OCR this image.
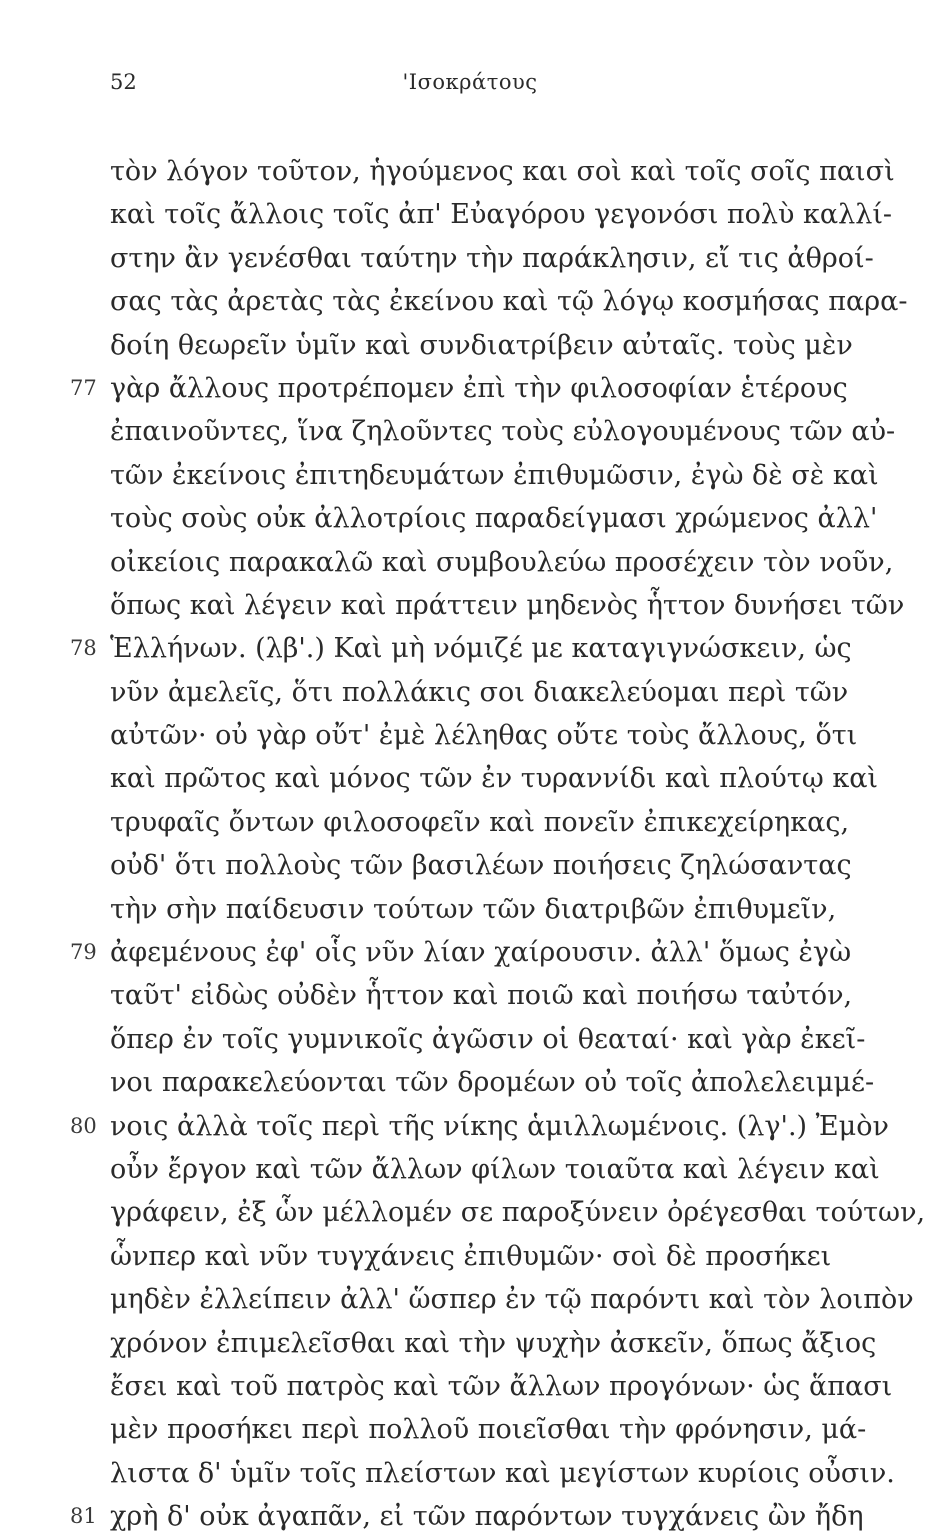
52	'Ισοκράτους
τὸν λόγον τοῦτον, ἡγούμενος και σοὶ καὶ τοῖς σοῖς παισὶ
καὶ τοῖς ἄλλοις τοῖς ἀπ' Εὐαγόρου γεγονόσι πολὺ καλλί-
στην ἂν γενέσθαι ταύτην τὴν παράκλησιν, εἴ τις ἀθροί-
σας τὰς ἀρετὰς τὰς ἐκείνου καὶ τῷ λόγῳ κοσμήσας παρα-
δοίη θεωρεῖν ὑμῖν καὶ συνδιατρίβειν αὐταῖς. τοὺς μὲν
77 γὰρ ἄλλους προτρέπομεν ἐπὶ τὴν φιλοσοφίαν ἑτέρους
ἐπαινοῦντες, ἵνα ζηλοῦντες τοὺς εὐλογουμένους τῶν αὐ-
τῶν ἐκείνοις ἐπιτηδευμάτων ἐπιθυμῶσιν, ἐγὼ δὲ σὲ καὶ
τοὺς σοὺς οὐκ ἀλλοτρίοις παραδείγμασι χρώμενος ἀλλ'
οἰκείοις παρακαλῶ καὶ συμβουλεύω προσέχειν τὸν νοῦν,
ὅπως καὶ λέγειν καὶ πράττειν μηδενὸς ἧττον δυνήσει τῶν
78 Ἑλλήνων. (λβ'.) Καὶ μὴ νόμιζέ με καταγιγνώσκειν, ὡς
νῦν ἀμελεῖς, ὅτι πολλάκις σοι διακελεύομαι περὶ τῶν
αὐτῶν· οὐ γὰρ οὔτ' ἐμὲ λέληθας οὔτε τοὺς ἄλλους, ὅτι
καὶ πρῶτος καὶ μόνος τῶν ἐν τυραννίδι καὶ πλούτῳ καὶ
τρυφαῖς ὄντων φιλοσοφεῖν καὶ πονεῖν ἐπικεχείρηκας,
οὐδ' ὅτι πολλοὺς τῶν βασιλέων ποιήσεις ζηλώσαντας
τὴν σὴν παίδευσιν τούτων τῶν διατριβῶν ἐπιθυμεῖν,
79 ἀφεμένους ἐφ' οἷς νῦν λίαν χαίρουσιν. ἀλλ' ὅμως ἐγὼ
ταῦτ' εἰδὼς οὐδὲν ἧττον καὶ ποιῶ καὶ ποιήσω ταὐτόν,
ὅπερ ἐν τοῖς γυμνικοῖς ἀγῶσιν οἱ θεαταί· καὶ γὰρ ἐκεῖ-
νοι παρακελεύονται τῶν δρομέων οὐ τοῖς ἀπολελειμμέ-
80 νοις ἀλλὰ τοῖς περὶ τῆς νίκης ἁμιλλωμένοις. (λγ'.) Ἐμὸν
οὖν ἔργον καὶ τῶν ἄλλων φίλων τοιαῦτα καὶ λέγειν καὶ
γράφειν, ἐξ ὧν μέλλομέν σε παροξύνειν ὀρέγεσθαι τούτων,
ὧνπερ καὶ νῦν τυγχάνεις ἐπιθυμῶν· σοὶ δὲ προσήκει
μηδὲν ἐλλείπειν ἀλλ' ὥσπερ ἐν τῷ παρόντι καὶ τὸν λοιπὸν
χρόνον ἐπιμελεῖσθαι καὶ τὴν ψυχὴν ἀσκεῖν, ὅπως ἄξιος
ἔσει καὶ τοῦ πατρὸς καὶ τῶν ἄλλων προγόνων· ὡς ἅπασι
μὲν προσήκει περὶ πολλοῦ ποιεῖσθαι τὴν φρόνησιν, μά-
λιστα δ' ὑμῖν τοῖς πλείστων καὶ μεγίστων κυρίοις οὖσιν.
81 χρὴ δ' οὐκ ἀγαπᾶν, εἰ τῶν παρόντων τυγχάνεις ὢν ἤδη
